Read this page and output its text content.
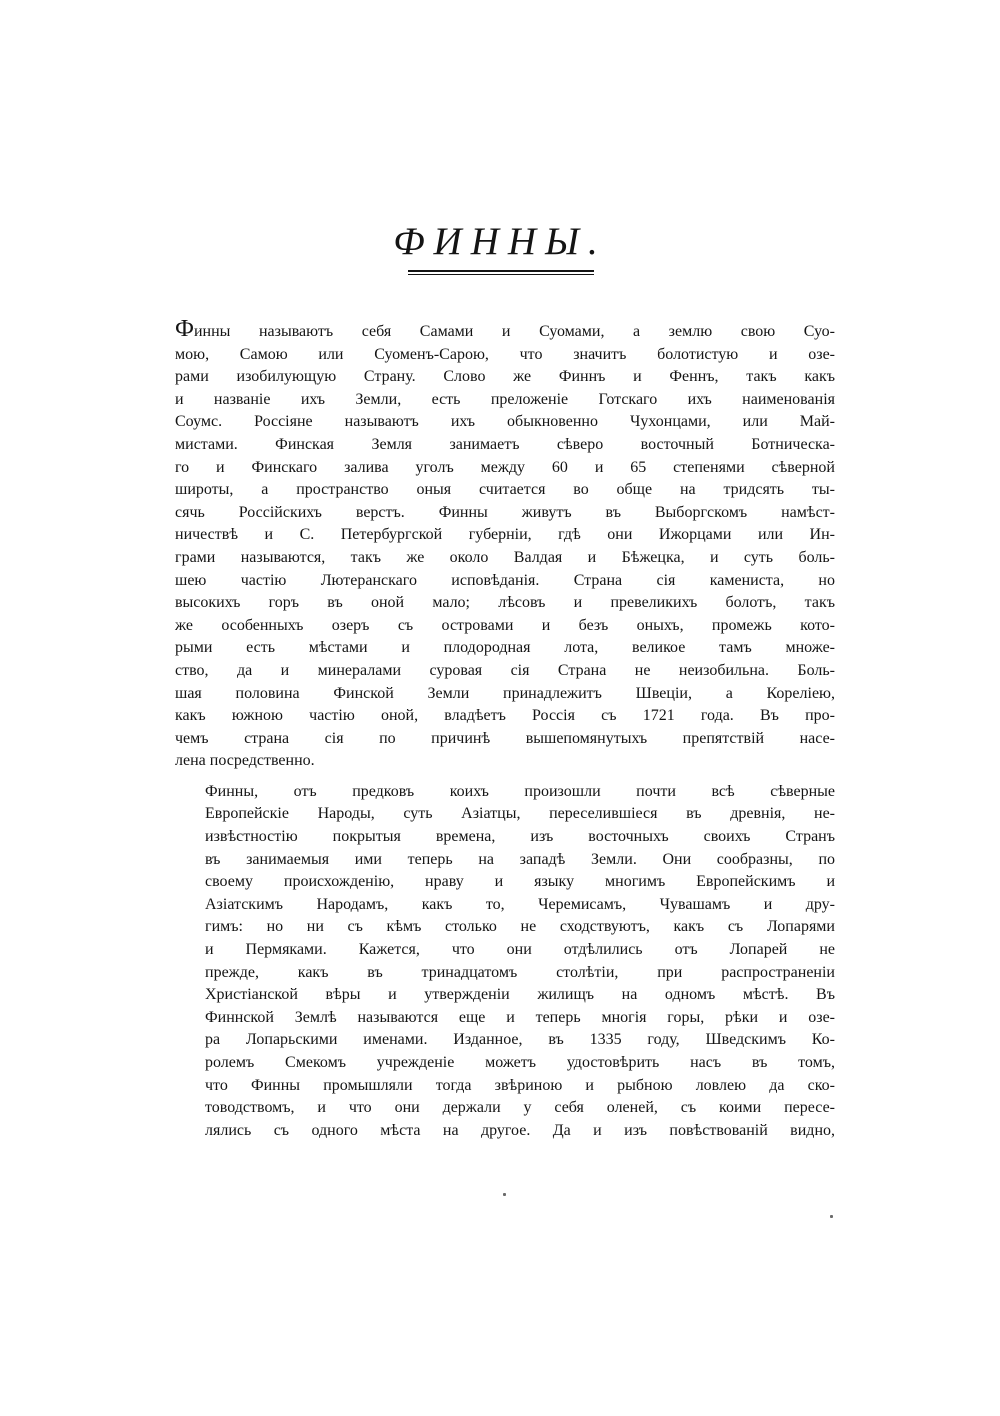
ФИННЫ.

Финны называютъ себя Самами и Суомами, а землю свою Суо-
мою, Самою или Суоменъ-Сарою, что значитъ болотистую и озе-
рами изобилующую Страну. Слово же Финнъ и Феннъ, такъ какъ
и названіе ихъ Земли, есть преложеніе Готскаго ихъ наименованія
Соумс. Россіяне называютъ ихъ обыкновенно Чухонцами, или Май-
мистами. Финская Земля занимаетъ сѣверо восточный Ботническа-
го и Финскаго залива уголъ между 60 и 65 степенями сѣверной
широты, а пространство оныя считается во обще на тридсять ты-
сячь Россійскихъ верстъ. Финны живутъ въ Выборгскомъ намѣст-
ничествѣ и С. Петербургской губерніи, гдѣ они Ижорцами или Ин-
грами называются, такъ же около Валдая и Бѣжецка, и суть боль-
шею частію Лютеранскаго исповѣданія. Страна сія камениста, но
высокихъ горъ въ оной мало; лѣсовъ и превеликихъ болотъ, такъ
же особенныхъ озеръ съ островами и безъ оныхъ, промежь кото-
рыми есть мѣстами и плодородная лота, великое тамъ множе-
ство, да и минералами суровая сія Страна не неизобильна. Боль-
шая половина Финской Земли принадлежитъ Швеціи, а Кореліею,
какъ южною частію оной, владѣетъ Россія съ 1721 года. Въ про-
чемъ страна сія по причинѣ вышепомянутыхъ препятствій насе-
лена посредственно.

Финны, отъ предковъ коихъ произошли почти всѣ сѣверные
Европейскіе Народы, суть Азіатцы, переселившіеся въ древнія, не-
извѣстностію покрытыя времена, изъ восточныхъ своихъ Странъ
въ занимаемыя ими теперь на западѣ Земли. Они сообразны, по
своему происхожденію, нраву и языку многимъ Европейскимъ и
Азіатскимъ Народамъ, какъ то, Черемисамъ, Чувашамъ и дру-
гимъ: но ни съ кѣмъ столько не сходствуютъ, какъ съ Лопарями
и Пермяками. Кажется, что они отдѣлились отъ Лопарей не
прежде, какъ въ тринадцатомъ столѣтіи, при распространеніи
Христіанской вѣры и утвержденіи жилищъ на одномъ мѣстѣ. Въ
Финнской Землѣ называются еще и теперь многія горы, рѣки и озе-
ра Лопарьскими именами. Изданное, въ 1335 году, Шведскимъ Ко-
ролемъ Смекомъ учрежденіе можетъ удостовѣрить насъ въ томъ,
что Финны промышляли тогда звѣриною и рыбною ловлею да ско-
товодствомъ, и что они держали у себя оленей, съ коими пересе-
лялись съ одного мѣста на другое. Да и изъ повѣствованій видно,
